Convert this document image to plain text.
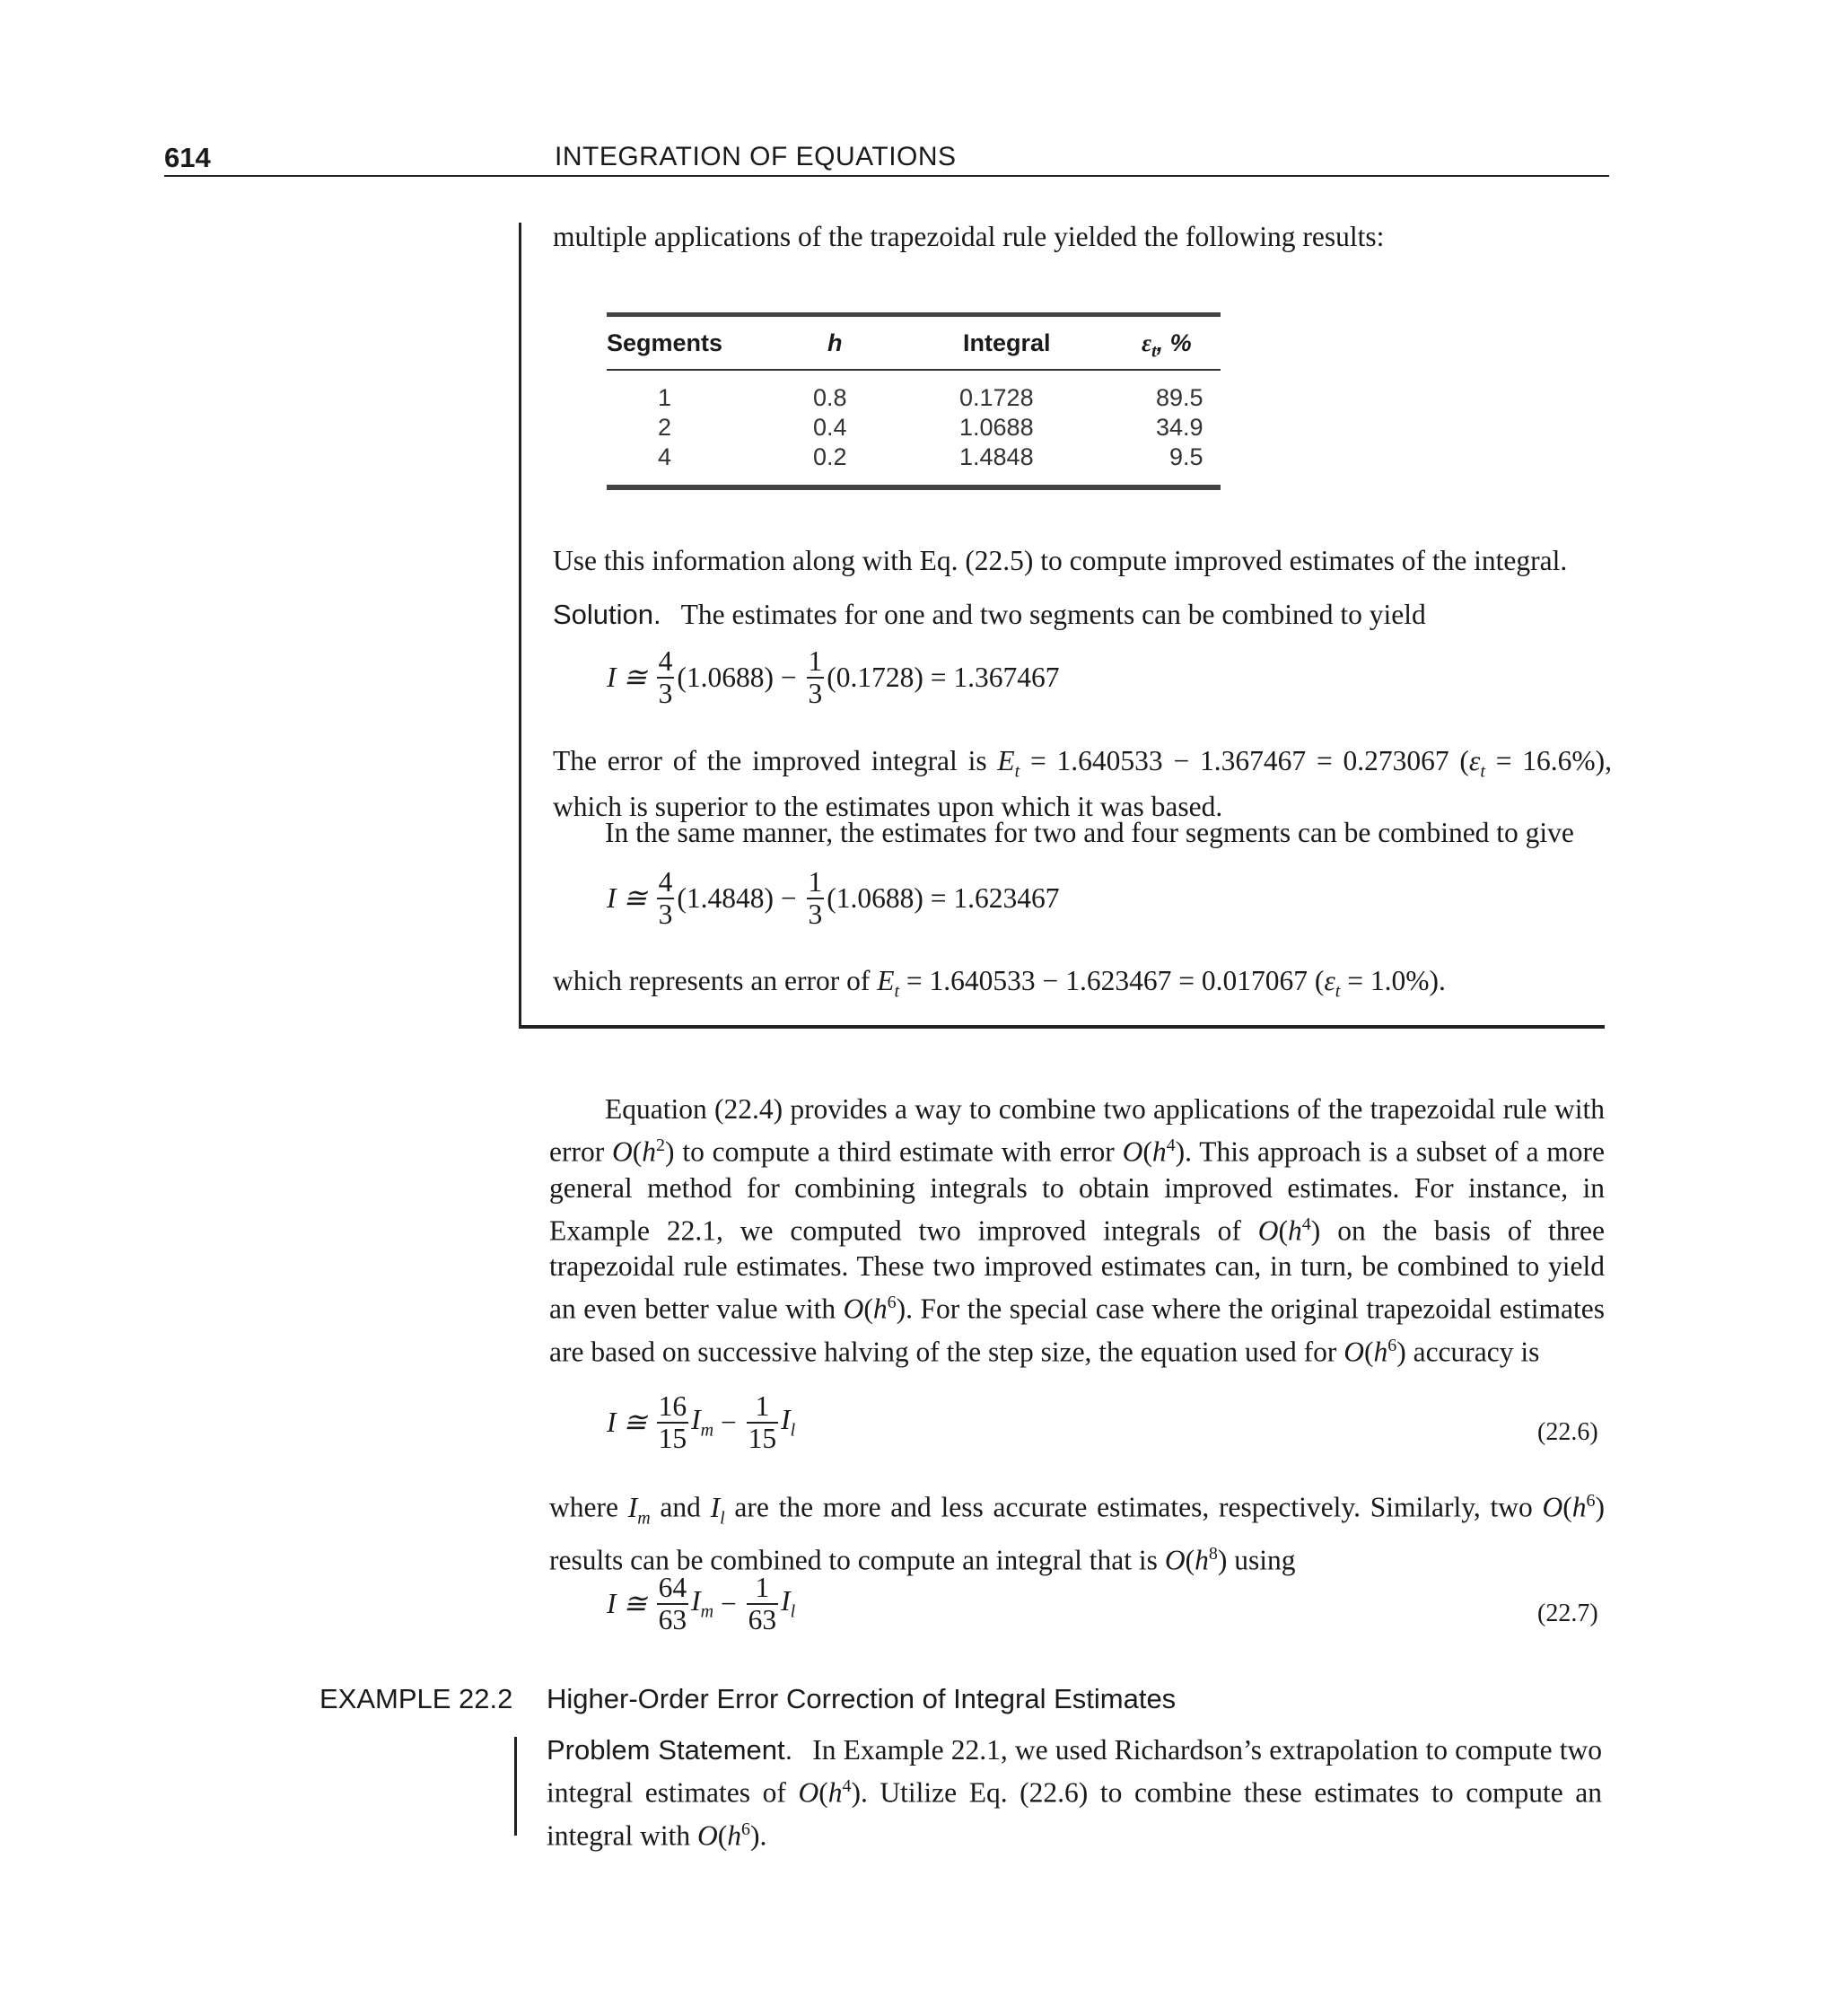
614	INTEGRATION OF EQUATIONS
multiple applications of the trapezoidal rule yielded the following results:
Segments	h	Integral	$\varepsilon_t$, %
1	0.8	0.1728	89.5
2	0.4	1.0688	34.9
4	0.2	1.4848	9.5
Use this information along with Eq. (22.5) to compute improved estimates of the integral.
Solution. The estimates for one and two segments can be combined to yield
I ≅
$\frac{4}{3} (1.0688)$ −
$\frac{1}{3} (0.1728) = 1.367467$
The error of the improved integral is $E_t = 1.640533 - 1.367467 = 0.273067$ $(\varepsilon_t = 16.6\%)$, which is superior to the estimates upon which it was based.
In the same manner, the estimates for two and four segments can be combined to give
I ≅
$\frac{4}{3} (1.4848)$ −
$\frac{1}{3} (1.0688) = 1.623467$
which represents an error of $E_t = 1.640533 - 1.623467 = 0.017067$ $(\varepsilon_t = 1.0\%)$.
Equation (22.4) provides a way to combine two applications of the trapezoidal rule with error $O(h^2)$ to compute a third estimate with error $O(h^4)$. This approach is a subset of a more general method for combining integrals to obtain improved estimates. For instance, in Example 22.1, we computed two improved integrals of $O(h^4)$ on the basis of three trapezoidal rule estimates. These two improved estimates can, in turn, be combined to yield an even better value with $O(h^6)$. For the special case where the original trapezoidal estimates are based on successive halving of the step size, the equation used for $O(h^6)$ accuracy is
I ≅
$\frac{16}{15} I_m - \frac{1}{15} I_l$	(22.6)
where $I_m$ and $I_l$ are the more and less accurate estimates, respectively. Similarly, two $O(h^6)$ results can be combined to compute an integral that is $O(h^8)$ using
I ≅
$\frac{64}{63} I_m - \frac{1}{63} I_l$	(22.7)
EXAMPLE 22.2 Higher-Order Error Correction of Integral Estimates
Problem Statement. In Example 22.1, we used Richardson’s extrapolation to compute two integral estimates of $O(h^4)$. Utilize Eq. (22.6) to combine these estimates to compute an integral with $O(h^6)$.
